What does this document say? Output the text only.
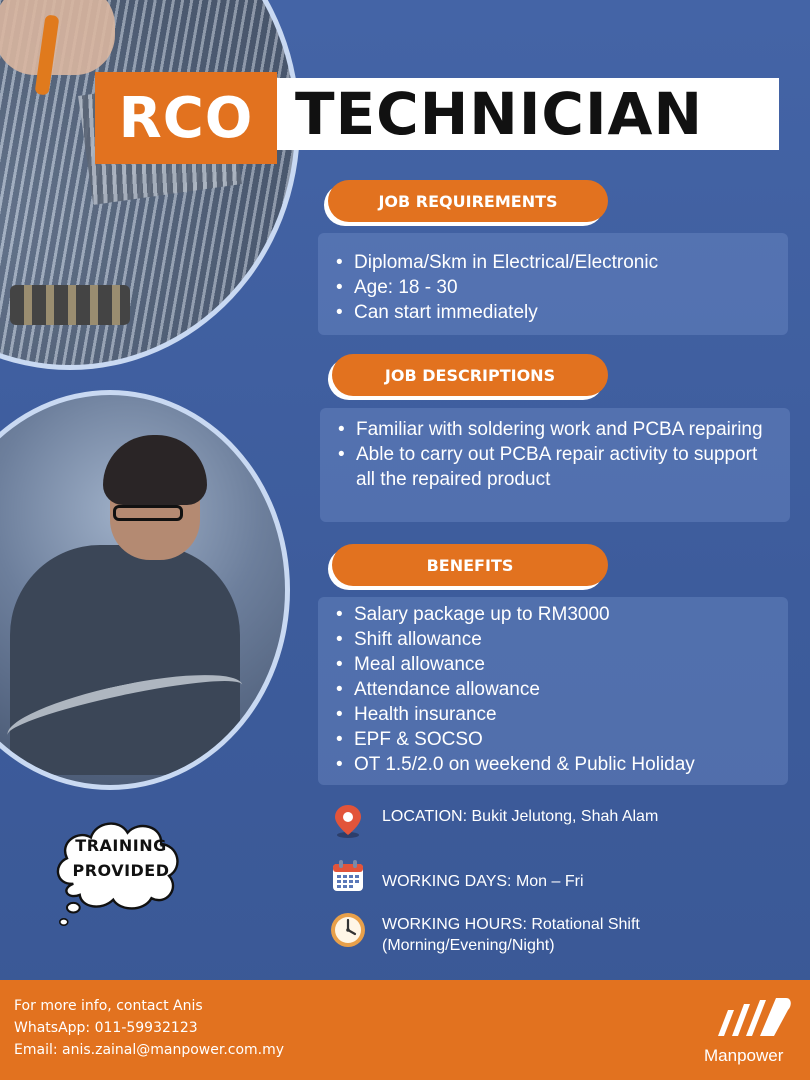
RCO TECHNICIAN
JOB REQUIREMENTS
• Diploma/Skm in Electrical/Electronic
• Age: 18 - 30
• Can start immediately
JOB DESCRIPTIONS
• Familiar with soldering work and PCBA repairing
• Able to carry out PCBA repair activity to support all the repaired product
BENEFITS
• Salary package up to RM3000
• Shift allowance
• Meal allowance
• Attendance allowance
• Health insurance
• EPF & SOCSO
• OT 1.5/2.0 on weekend & Public Holiday
LOCATION: Bukit Jelutong, Shah Alam
WORKING DAYS: Mon – Fri
WORKING HOURS: Rotational Shift (Morning/Evening/Night)
TRAINING
PROVIDED
For more info, contact Anis
WhatsApp: 011-59932123
Email: anis.zainal@manpower.com.my	Manpower
